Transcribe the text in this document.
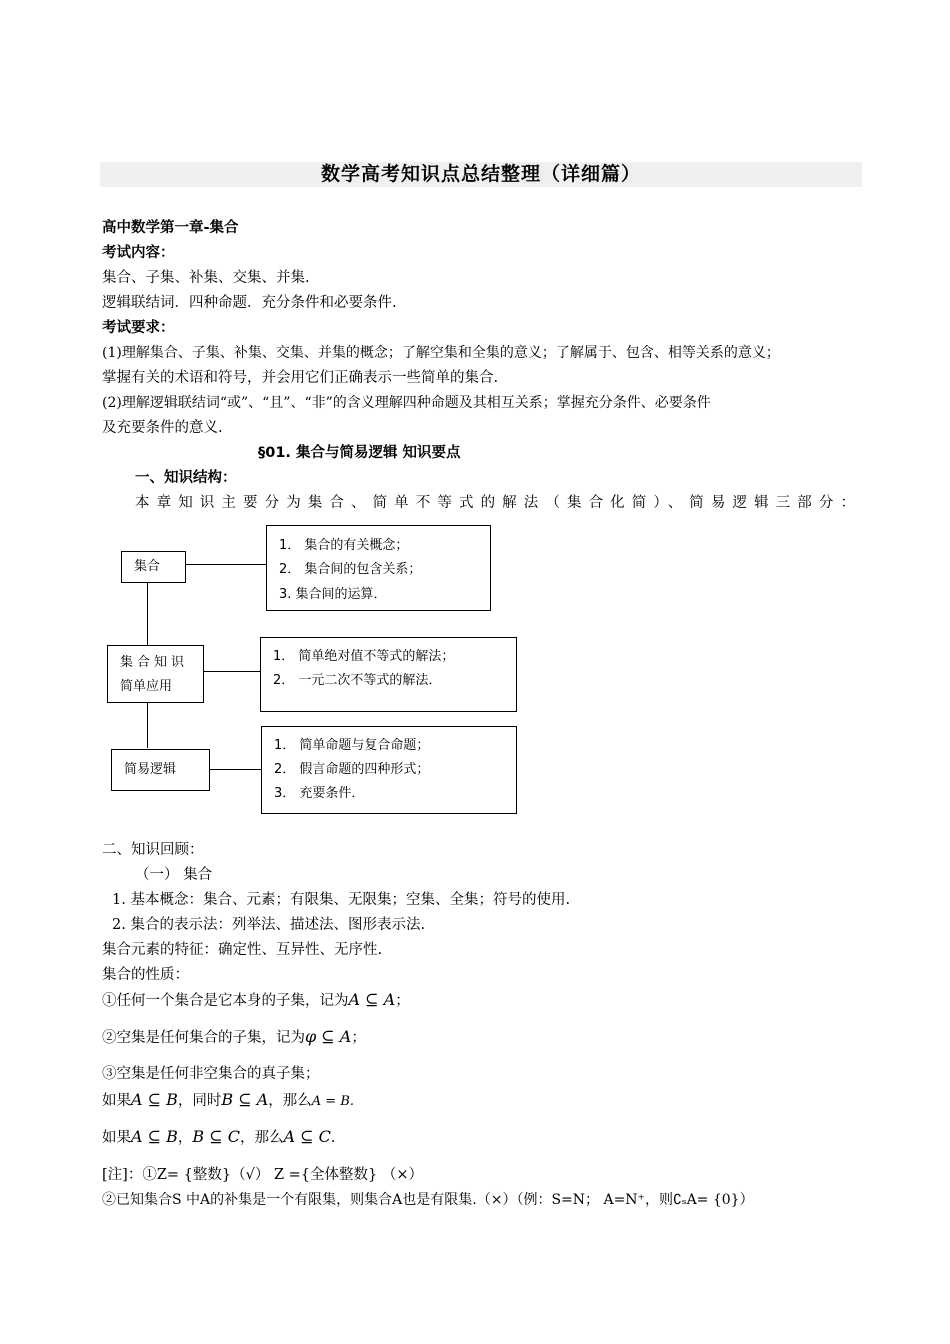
数学高考知识点总结整理（详细篇）
高中数学第一章-集合
考试内容：
集合、子集、补集、交集、并集.
逻辑联结词．四种命题．充分条件和必要条件.
考试要求：
(1)理解集合、子集、补集、交集、并集的概念；了解空集和全集的意义；了解属于、包含、相等关系的意义；
掌握有关的术语和符号，并会用它们正确表示一些简单的集合.
(2)理解逻辑联结词“或”、“且”、“非”的含义理解四种命题及其相互关系；掌握充分条件、必要条件
及充要条件的意义.
§01. 集合与简易逻辑 知识要点
一、知识结构：
本章知识主要分为集合、简单不等式的解法（集合化简）、简易逻辑三部分：
集合
集合知识
简单应用
简易逻辑
1． 集合的有关概念；
2． 集合间的包含关系；
3. 集合间的运算．
1． 简单绝对值不等式的解法；
2． 一元二次不等式的解法．
1． 简单命题与复合命题；
2． 假言命题的四种形式；
3． 充要条件．
二、知识回顾：
（一） 集合
1. 基本概念：集合、元素；有限集、无限集；空集、全集；符号的使用.
2. 集合的表示法：列举法、描述法、图形表示法.
集合元素的特征：确定性、互异性、无序性.
集合的性质：
①任何一个集合是它本身的子集，记为A ⊆ A；
②空集是任何集合的子集，记为φ ⊆ A；
③空集是任何非空集合的真子集；
如果A ⊆ B，同时B ⊆ A，那么A = B.
如果A ⊆ B，B ⊆ C，那么A ⊆ C.
[注]：①Z= {整数}（√） Z ={全体整数} （×）
②已知集合S 中A的补集是一个有限集，则集合A也是有限集.（×）（例：S=N； A=N⁺，则∁ₛA= {0}）
